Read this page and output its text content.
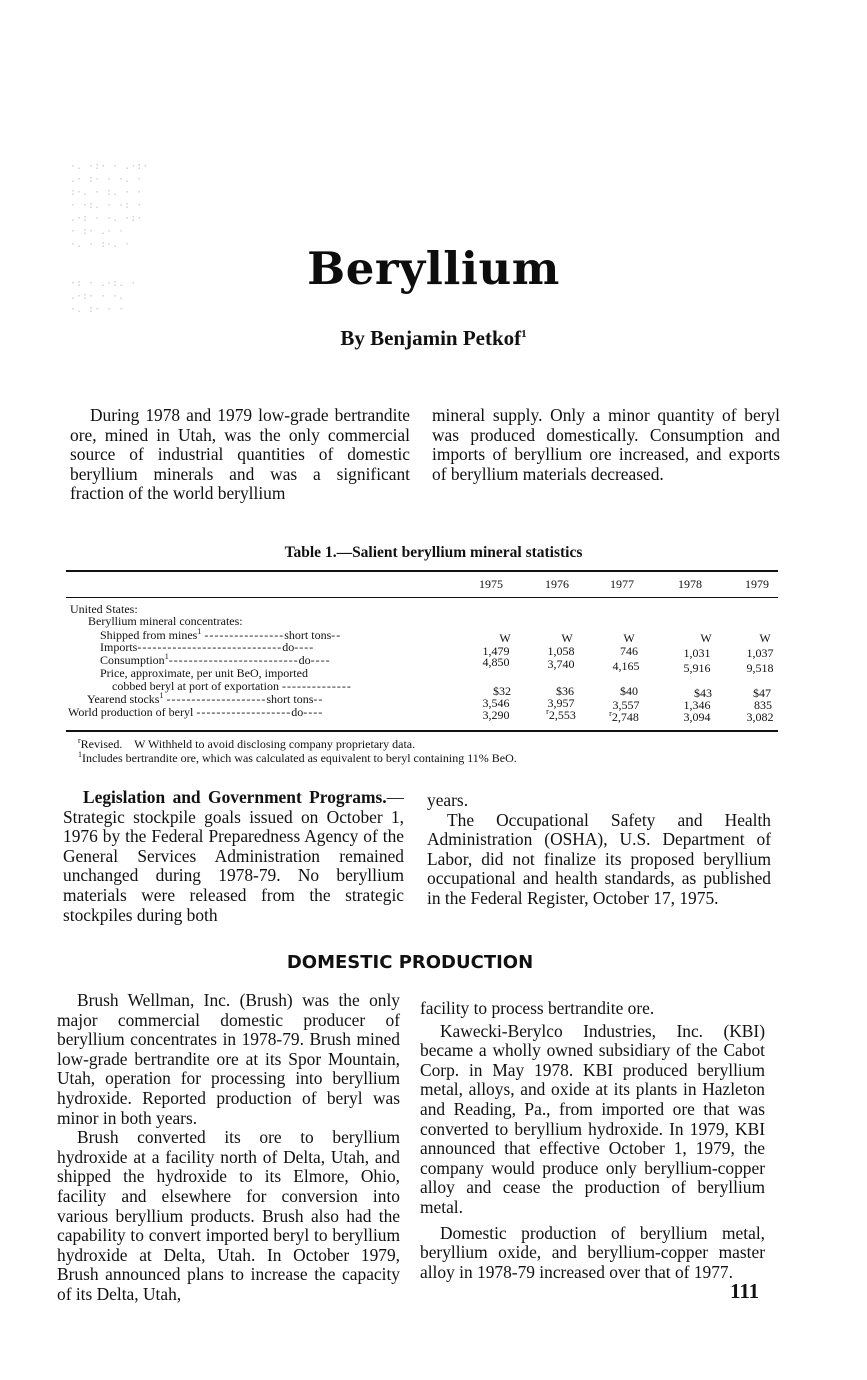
·. ·:· · .·:·
.· :· · ·. ·
:·. · :. · ·
· ·:. · ·: ·
.·: · ·. ·:·
· :· .· ·
·. · :·. ·

·: · .·:. ·
.·:· · ·.
·. :· · ·
Beryllium
By Benjamin Petkof$^1$

During 1978 and 1979 low-grade bertrandite ore, mined in Utah, was the only commercial source of industrial quantities of domestic beryllium minerals and was a significant fraction of the world beryllium

mineral supply. Only a minor quantity of beryl was produced domestically. Consumption and imports of beryllium ore increased, and exports of beryllium materials decreased.

Table 1.—Salient beryllium mineral statistics
1975	1976	1977	1978	1979
United States:
Beryllium mineral concentrates:
Shipped from mines$^1$ ----------------short tons--	W	W	W	W	W
Imports-----------------------------do----	1,479	1,058	746	1,031	1,037
Consumption$^1$--------------------------do----	4,850	3,740	4,165	5,916	9,518
Price, approximate, per unit BeO, imported
cobbed beryl at port of exportation --------------	$32	$36	$40	$43	$47
Yearend stocks$^1$ --------------------short tons--	3,546	3,957	3,557	1,346	835
World production of beryl -------------------do----	3,290	$^r$2,553	$^r$2,748	3,094	3,082
$^r$Revised.    W Withheld to avoid disclosing company proprietary data.
$^1$Includes bertrandite ore, which was calculated as equivalent to beryl containing 11% BeO.

Legislation and Government Programs.—Strategic stockpile goals issued on October 1, 1976 by the Federal Preparedness Agency of the General Services Administration remained unchanged during 1978-79. No beryllium materials were released from the strategic stockpiles during both

years.

The Occupational Safety and Health Administration (OSHA), U.S. Department of Labor, did not finalize its proposed beryllium occupational and health standards, as published in the Federal Register, October 17, 1975.

DOMESTIC PRODUCTION

Brush Wellman, Inc. (Brush) was the only major commercial domestic producer of beryllium concentrates in 1978-79. Brush mined low-grade bertrandite ore at its Spor Mountain, Utah, operation for processing into beryllium hydroxide. Reported production of beryl was minor in both years.

Brush converted its ore to beryllium hydroxide at a facility north of Delta, Utah, and shipped the hydroxide to its Elmore, Ohio, facility and elsewhere for conversion into various beryllium products. Brush also had the capability to convert imported beryl to beryllium hydroxide at Delta, Utah. In October 1979, Brush announced plans to increase the capacity of its Delta, Utah,

facility to process bertrandite ore.

Kawecki-Berylco Industries, Inc. (KBI) became a wholly owned subsidiary of the Cabot Corp. in May 1978. KBI produced beryllium metal, alloys, and oxide at its plants in Hazleton and Reading, Pa., from imported ore that was converted to beryllium hydroxide. In 1979, KBI announced that effective October 1, 1979, the company would produce only beryllium-copper alloy and cease the production of beryllium metal.

Domestic production of beryllium metal, beryllium oxide, and beryllium-copper master alloy in 1978-79 increased over that of 1977.

111
